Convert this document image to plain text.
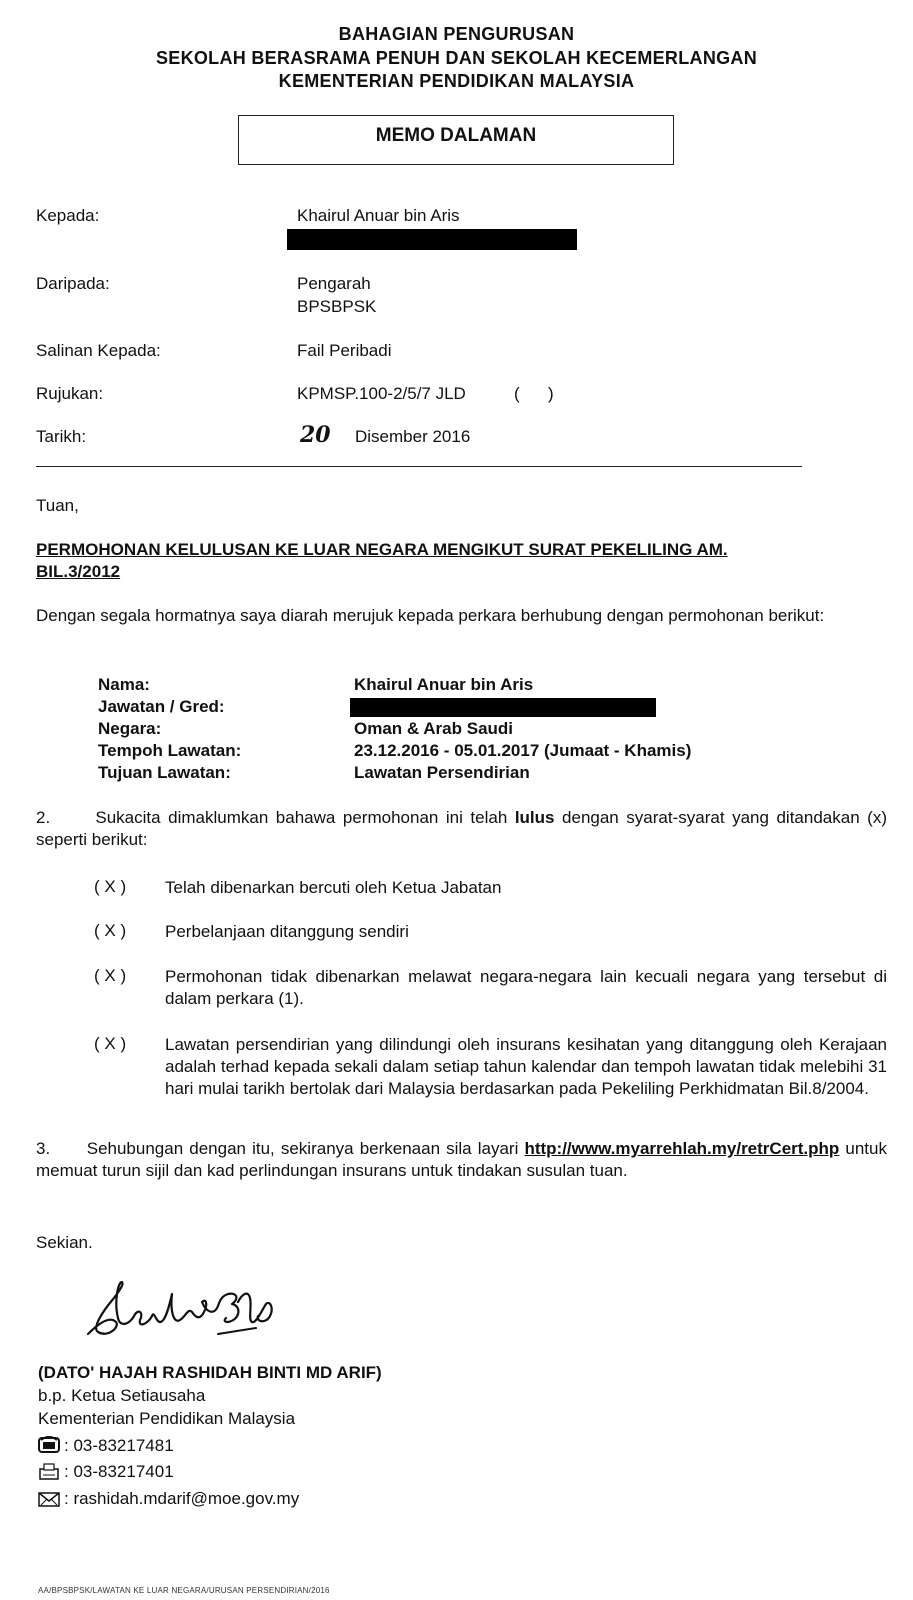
BAHAGIAN PENGURUSAN
SEKOLAH BERASRAMA PENUH DAN SEKOLAH KECEMERLANGAN
KEMENTERIAN PENDIDIKAN MALAYSIA
MEMO DALAMAN
Kepada:	Khairul Anuar bin Aris
Daripada:	Pengarah
BPSBPSK
Salinan Kepada:	Fail Peribadi
Rujukan:	KPMSP.100-2/5/7 JLD	(      )
Tarikh:	20 Disember 2016
Tuan,
PERMOHONAN KELULUSAN KE LUAR NEGARA MENGIKUT SURAT PEKELILING AM.
BIL.3/2012
Dengan segala hormatnya saya diarah merujuk kepada perkara berhubung dengan permohonan berikut:
Nama:	Khairul Anuar bin Aris
Jawatan / Gred:
Negara:	Oman & Arab Saudi
Tempoh Lawatan:	23.12.2016 - 05.01.2017 (Jumaat - Khamis)
Tujuan Lawatan:	Lawatan Persendirian
2.	Sukacita dimaklumkan bahawa permohonan ini telah lulus dengan syarat-syarat yang ditandakan (x) seperti berikut:
( X ) Telah dibenarkan bercuti oleh Ketua Jabatan
( X ) Perbelanjaan ditanggung sendiri
( X ) Permohonan tidak dibenarkan melawat negara-negara lain kecuali negara yang tersebut di dalam perkara (1).
( X ) Lawatan persendirian yang dilindungi oleh insurans kesihatan yang ditanggung oleh Kerajaan adalah terhad kepada sekali dalam setiap tahun kalendar dan tempoh lawatan tidak melebihi 31 hari mulai tarikh bertolak dari Malaysia berdasarkan pada Pekeliling Perkhidmatan Bil.8/2004.
3. Sehubungan dengan itu, sekiranya berkenaan sila layari http://www.myarrehlah.my/retrCert.php untuk memuat turun sijil dan kad perlindungan insurans untuk tindakan susulan tuan.
Sekian.
(DATO' HAJAH RASHIDAH BINTI MD ARIF)
b.p. Ketua Setiausaha
Kementerian Pendidikan Malaysia
: 03-83217481
: 03-83217401
: rashidah.mdarif@moe.gov.my
AA/BPSBPSK/LAWATAN KE LUAR NEGARA/URUSAN PERSENDIRIAN/2016
